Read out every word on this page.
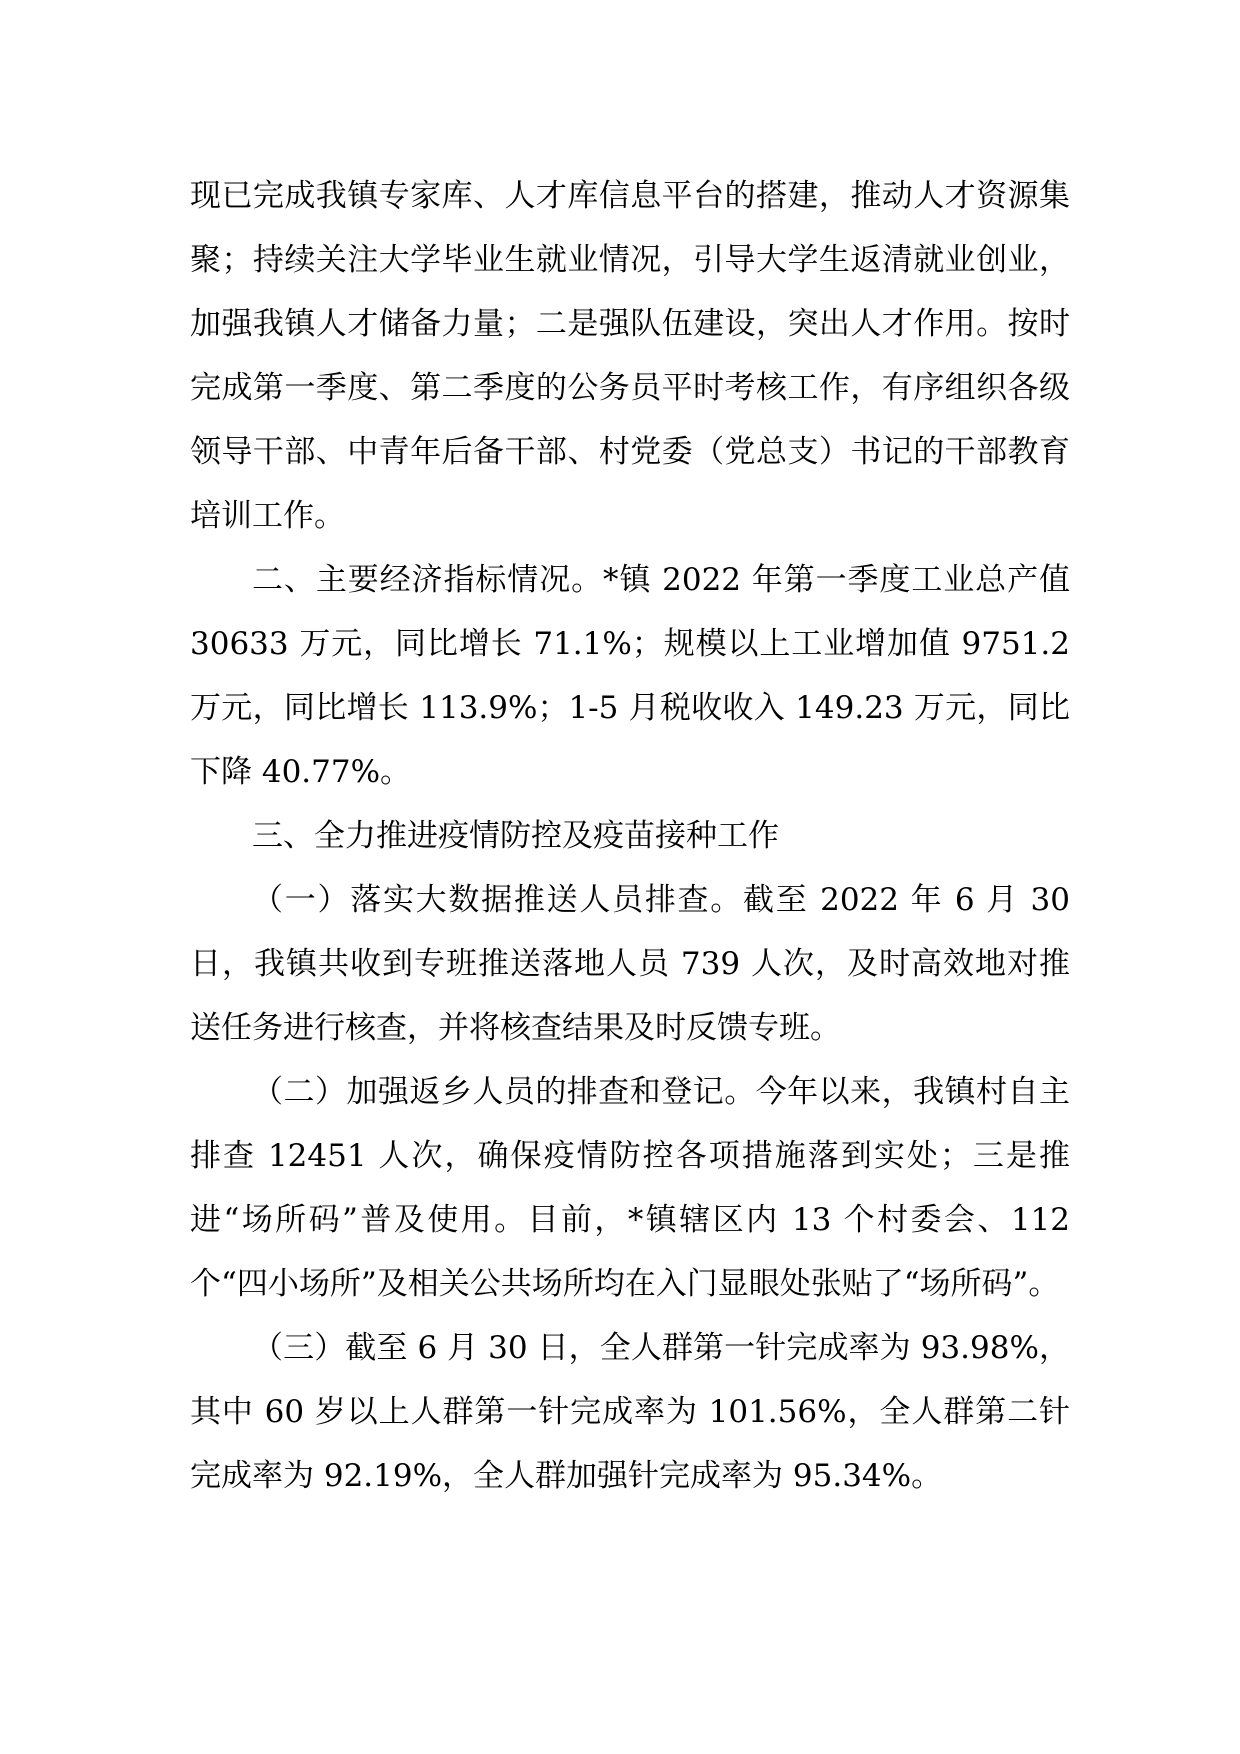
现已完成我镇专家库、人才库信息平台的搭建，推动人才资源集聚；持续关注大学毕业生就业情况，引导大学生返清就业创业，加强我镇人才储备力量；二是强队伍建设，突出人才作用。按时完成第一季度、第二季度的公务员平时考核工作，有序组织各级领导干部、中青年后备干部、村党委（党总支）书记的干部教育培训工作。

二、主要经济指标情况。*镇 2022 年第一季度工业总产值 30633 万元，同比增长 71.1%；规模以上工业增加值 9751.2 万元，同比增长 113.9%；1-5 月税收收入 149.23 万元，同比下降 40.77%。

三、全力推进疫情防控及疫苗接种工作

（一）落实大数据推送人员排查。截至 2022 年 6 月 30 日，我镇共收到专班推送落地人员 739 人次，及时高效地对推送任务进行核查，并将核查结果及时反馈专班。

（二）加强返乡人员的排查和登记。今年以来，我镇村自主排查 12451 人次，确保疫情防控各项措施落到实处；三是推进“场所码”普及使用。目前，*镇辖区内 13 个村委会、112 个“四小场所”及相关公共场所均在入门显眼处张贴了“场所码”。

（三）截至 6 月 30 日，全人群第一针完成率为 93.98%，其中 60 岁以上人群第一针完成率为 101.56%，全人群第二针完成率为 92.19%，全人群加强针完成率为 95.34%。
